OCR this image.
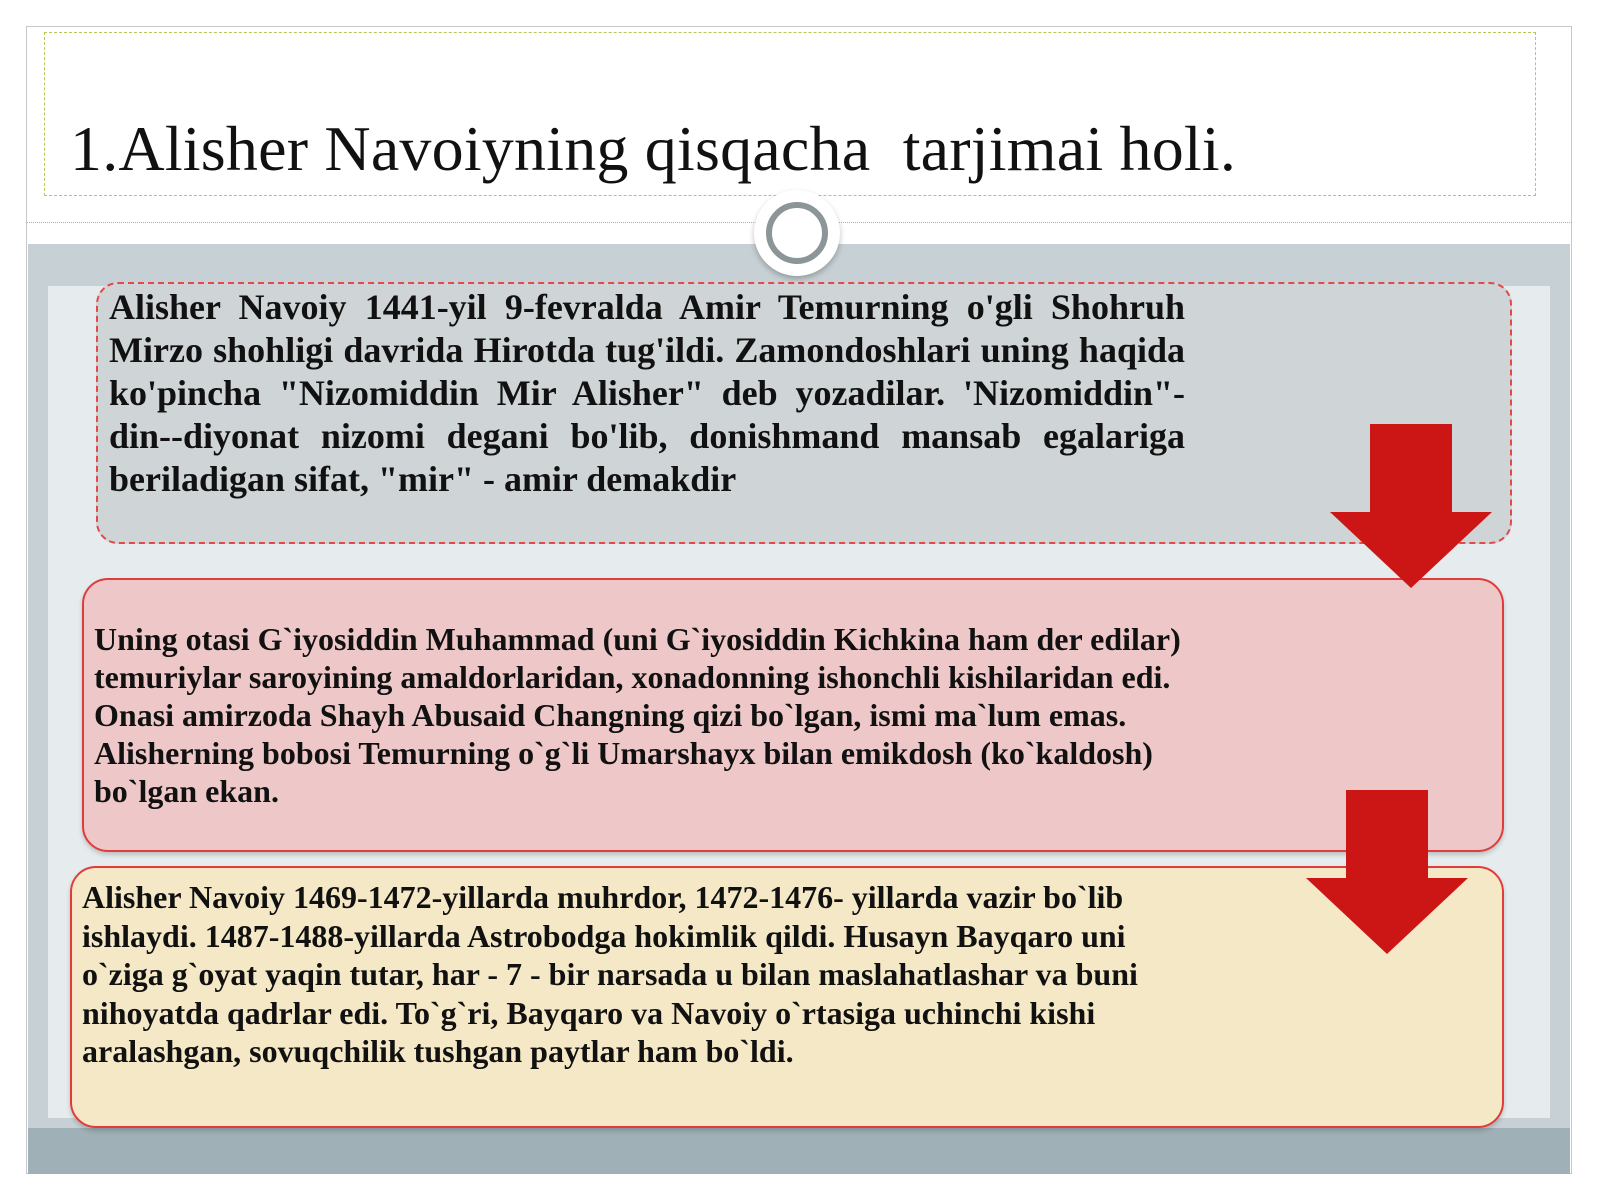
1.Alisher Navoiyning qisqacha  tarjimai holi.
Alisher Navoiy 1441-yil 9-fevralda Amir Temurning o'gli Shohruh Mirzo shohligi davrida Hirotda tug'ildi. Zamondoshlari uning haqida ko'pincha "Nizomiddin Mir Alisher" deb yozadilar. 'Nizomiddin"-din--diyonat nizomi degani bo'lib, donishmand mansab egalariga beriladigan sifat, "mir" - amir demakdir
Uning otasi G`iyosiddin Muhammad (uni G`iyosiddin Kichkina ham der edilar) temuriylar saroyining amaldorlaridan, xonadonning ishonchli kishilaridan edi. Onasi amirzoda Shayh Abusaid Changning qizi bo`lgan, ismi ma`lum emas. Alisherning bobosi Temurning o`g`li Umarshayx bilan emikdosh (ko`kaldosh) bo`lgan ekan.
Alisher Navoiy 1469-1472-yillarda muhrdor, 1472-1476- yillarda vazir bo`lib ishlaydi. 1487-1488-yillarda Astrobodga hokimlik qildi. Husayn Bayqaro uni o`ziga g`oyat yaqin tutar, har - 7 - bir narsada u bilan maslahatlashar va buni nihoyatda qadrlar edi. To`g`ri, Bayqaro va Navoiy o`rtasiga uchinchi kishi aralashgan, sovuqchilik tushgan paytlar ham bo`ldi.
